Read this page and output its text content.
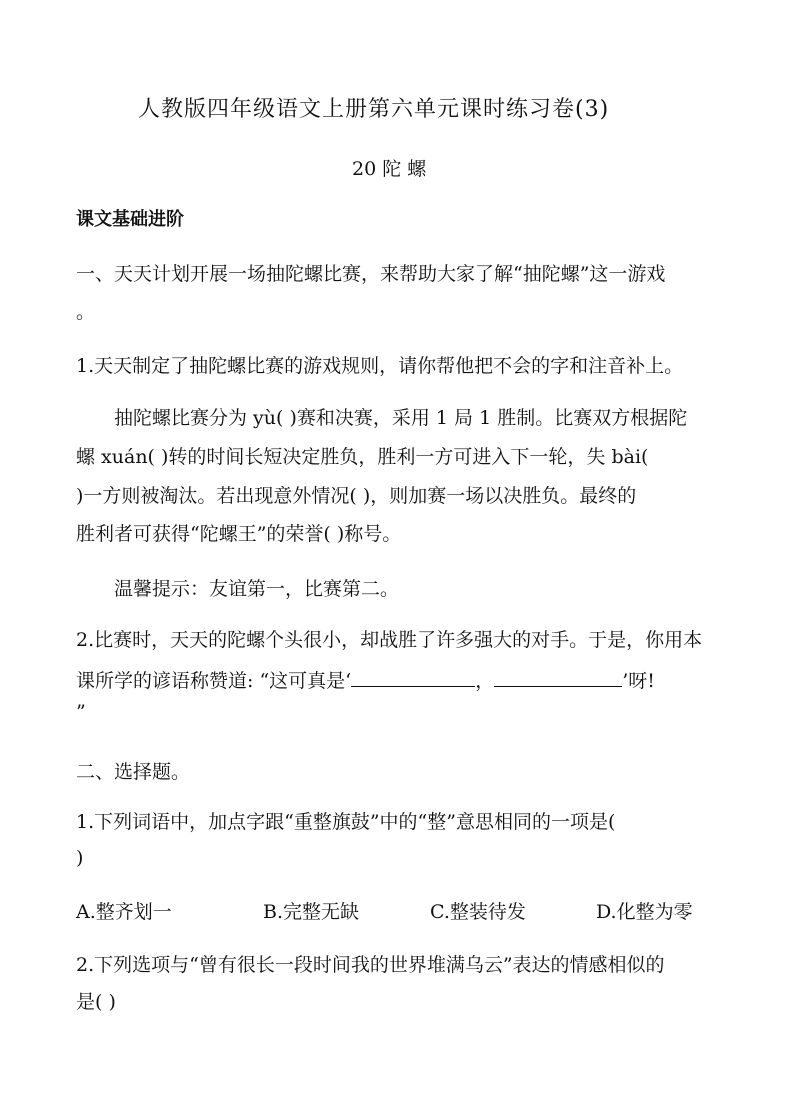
人教版四年级语文上册第六单元课时练习卷(3)
20 陀 螺
课文基础进阶
一、天天计划开展一场抽陀螺比赛，来帮助大家了解“抽陀螺”这一游戏
。
1.天天制定了抽陀螺比赛的游戏规则，请你帮他把不会的字和注音补上。
抽陀螺比赛分为 yù( )赛和决赛，采用 1 局 1 胜制。比赛双方根据陀
螺 xuán( )转的时间长短决定胜负，胜利一方可进入下一轮，失 bài(
)一方则被淘汰。若出现意外情况( )，则加赛一场以决胜负。最终的
胜利者可获得“陀螺王”的荣誉( )称号。
温馨提示：友谊第一，比赛第二。
2.比赛时，天天的陀螺个头很小，却战胜了许多强大的对手。于是，你用本
课所学的谚语称赞道: “这可真是‘	，	’呀!
”
二、选择题。
1.下列词语中，加点字跟“重整旗鼓”中的“整”意思相同的一项是(
)
A.整齐划一	B.完整无缺	C.整装待发	D.化整为零
2.下列选项与“曾有很长一段时间我的世界堆满乌云”表达的情感相似的
是( )
